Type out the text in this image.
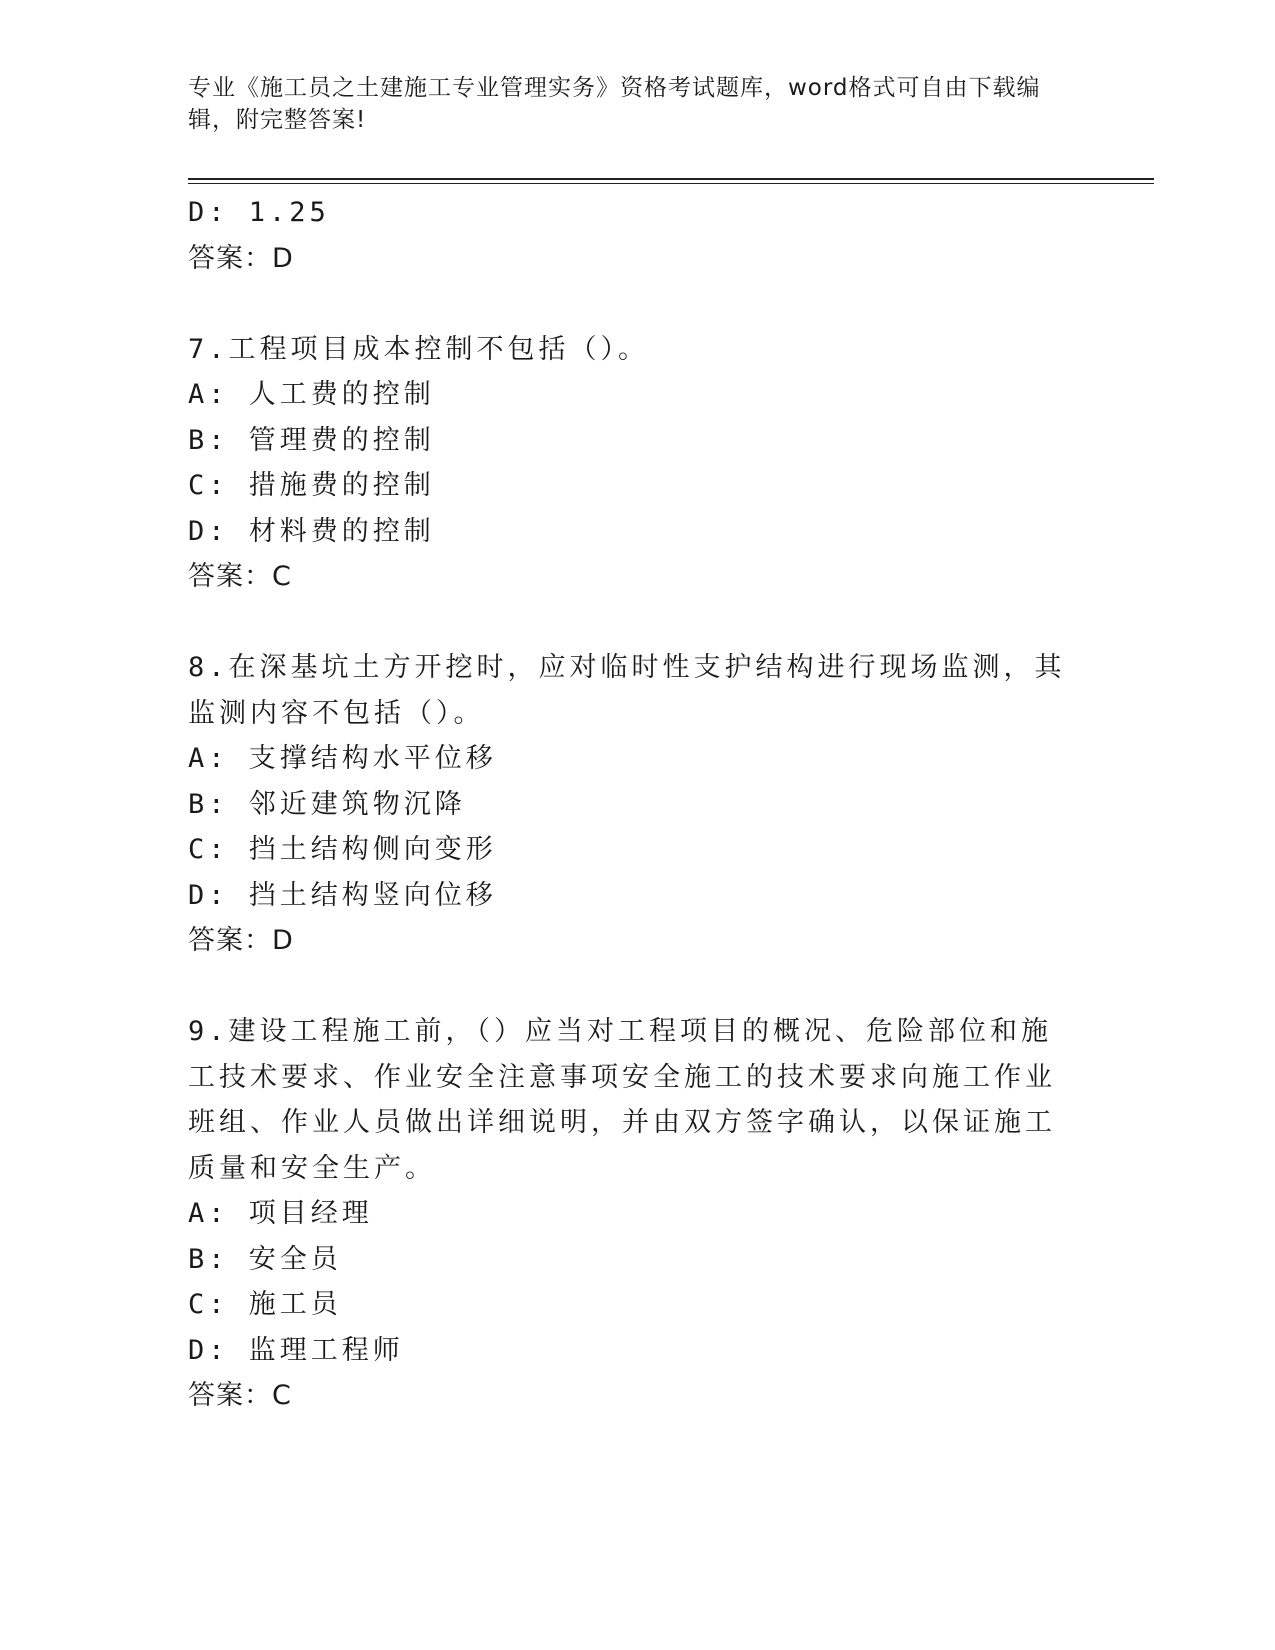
专业《施工员之土建施工专业管理实务》资格考试题库，word格式可自由下载编辑，附完整答案!
D: 1.25
答案：D
7.工程项目成本控制不包括（）。
A: 人工费的控制
B: 管理费的控制
C: 措施费的控制
D: 材料费的控制
答案：C
8.在深基坑土方开挖时，应对临时性支护结构进行现场监测，其监测内容不包括（）。
A: 支撑结构水平位移
B: 邻近建筑物沉降
C: 挡土结构侧向变形
D: 挡土结构竖向位移
答案：D
9.建设工程施工前，（）应当对工程项目的概况、危险部位和施工技术要求、作业安全注意事项安全施工的技术要求向施工作业班组、作业人员做出详细说明，并由双方签字确认，以保证施工质量和安全生产。
A: 项目经理
B: 安全员
C: 施工员
D: 监理工程师
答案：C
